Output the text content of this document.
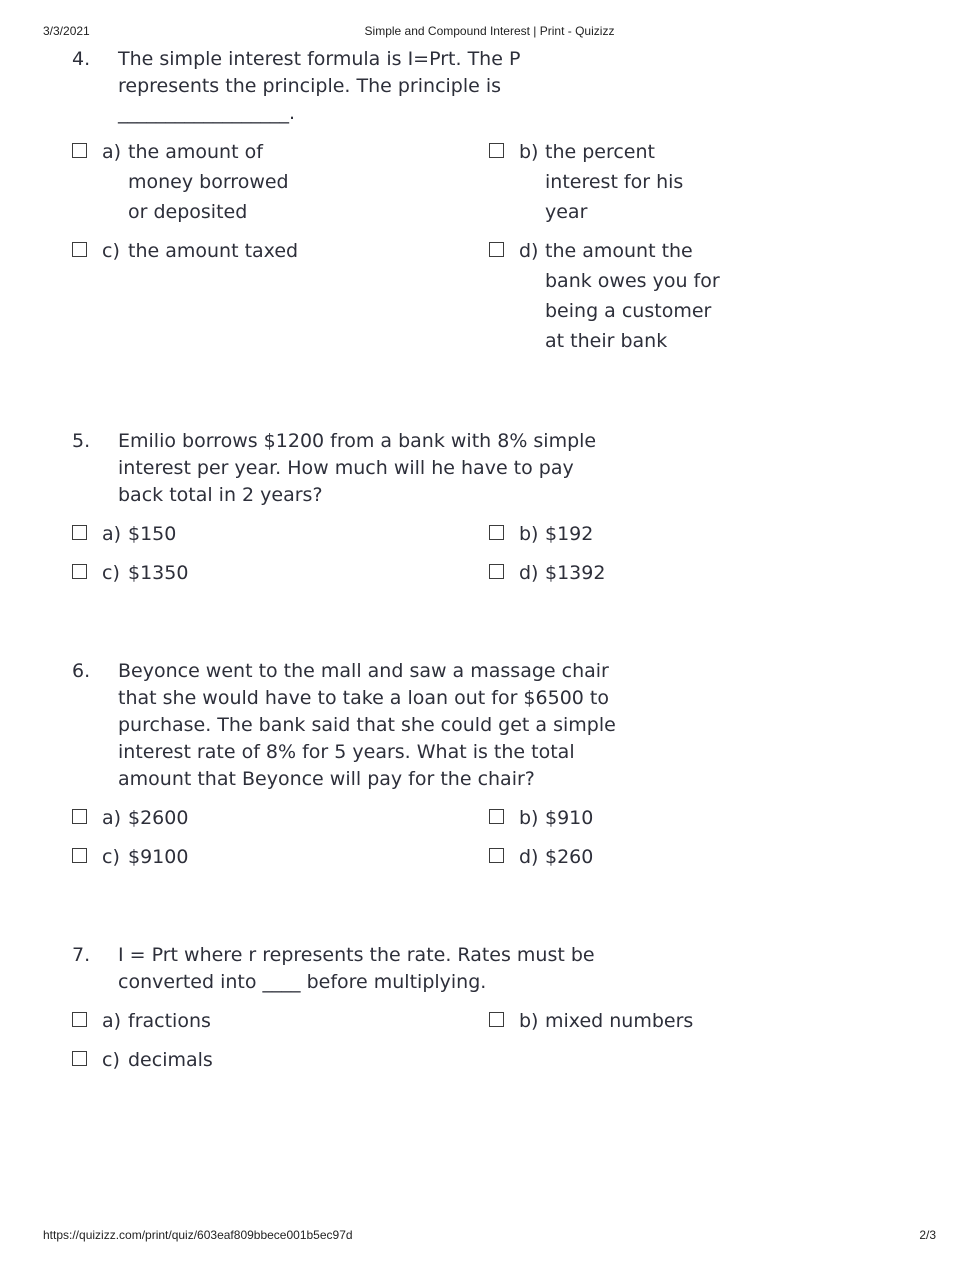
3/3/2021	Simple and Compound Interest | Print - Quizizz
4. The simple interest formula is I=Prt. The P represents the principle. The principle is __________________.
a) the amount of money borrowed or deposited
b) the percent interest for his year
c) the amount taxed	d) the amount the bank owes you for being a customer at their bank
5. Emilio borrows $1200 from a bank with 8% simple interest per year. How much will he have to pay back total in 2 years?
a) $150	b) $192
c) $1350	d) $1392
6. Beyonce went to the mall and saw a massage chair that she would have to take a loan out for $6500 to purchase. The bank said that she could get a simple interest rate of 8% for 5 years. What is the total amount that Beyonce will pay for the chair?
a) $2600	b) $910
c) $9100	d) $260
7. I = Prt where r represents the rate. Rates must be converted into ____ before multiplying.
a) fractions	b) mixed numbers
c) decimals
https://quizizz.com/print/quiz/603eaf809bbece001b5ec97d	2/3
